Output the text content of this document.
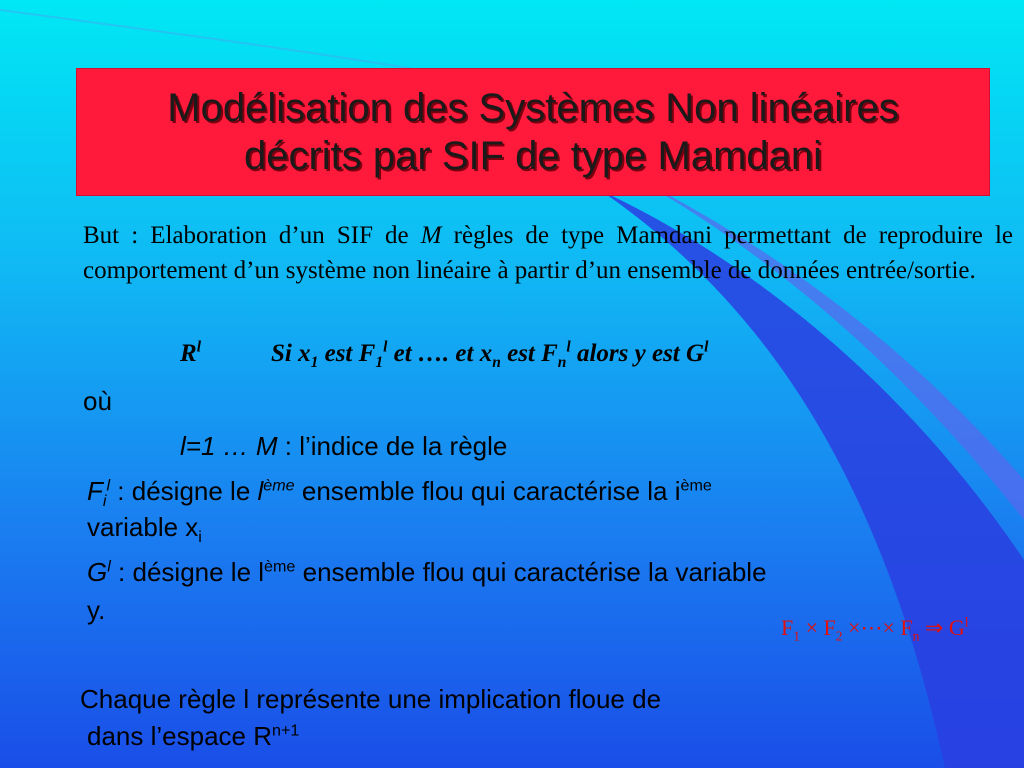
Modélisation des Systèmes Non linéaires
décrits par SIF de type Mamdani
But : Elaboration d’un SIF de M règles de type Mamdani permettant de reproduire le comportement d’un système non linéaire à partir d’un ensemble de données entrée/sortie.
$R^l$	Si $x_1$ est $F_1^l$ et …. et $x_n$ est $F_n^l$ alors y est $G^l$
où
l=1 … M : l’indice de la règle
$F_i^l$ : désigne le $l^{ème}$ ensemble flou qui caractérise la $i^{ème}$
variable $x_i$
$G^l$ : désigne le $l^{ème}$ ensemble flou qui caractérise la variable
y.
$F_1 \times F_2$ ×⋯× $F_n$ ⇒ $G^l$
Chaque règle l représente une implication floue de
dans l’espace $R^{n+1}$
